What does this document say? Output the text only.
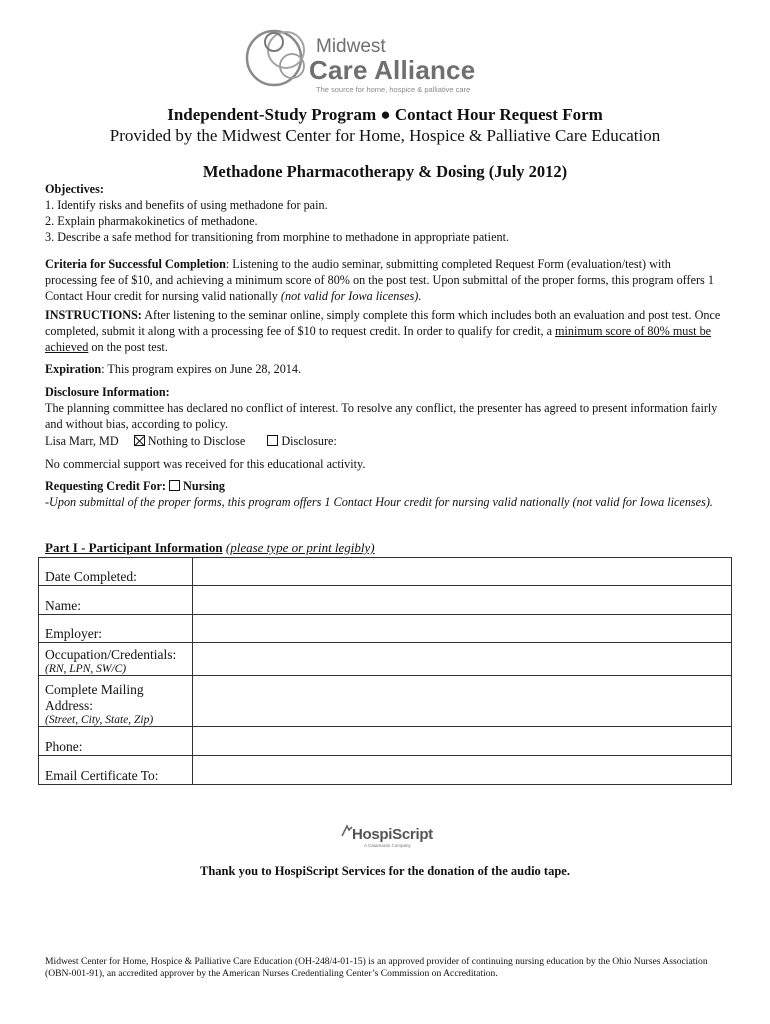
Midwest
Care Alliance
The source for home, hospice & palliative care
Independent-Study Program ● Contact Hour Request Form
Provided by the Midwest Center for Home, Hospice & Palliative Care Education
Methadone Pharmacotherapy & Dosing (July 2012)
Objectives:
1. Identify risks and benefits of using methadone for pain.
2. Explain pharmakokinetics of methadone.
3. Describe a safe method for transitioning from morphine to methadone in appropriate patient.
Criteria for Successful Completion: Listening to the audio seminar, submitting completed Request Form (evaluation/test) with processing fee of $10, and achieving a minimum score of 80% on the post test. Upon submittal of the proper forms, this program offers 1 Contact Hour credit for nursing valid nationally (not valid for Iowa licenses).
INSTRUCTIONS: After listening to the seminar online, simply complete this form which includes both an evaluation and post test. Once completed, submit it along with a processing fee of $10 to request credit. In order to qualify for credit, a minimum score of 80% must be achieved on the post test.
Expiration: This program expires on June 28, 2014.
Disclosure Information:
The planning committee has declared no conflict of interest. To resolve any conflict, the presenter has agreed to present information fairly and without bias, according to policy.
Lisa Marr, MD Nothing to Disclose	Disclosure:
No commercial support was received for this educational activity.
Requesting Credit For: Nursing
-Upon submittal of the proper forms, this program offers 1 Contact Hour credit for nursing valid nationally (not valid for Iowa licenses).
Part I - Participant Information (please type or print legibly)
Date Completed:	
Name:	
Employer:	
Occupation/Credentials:
(RN, LPN, SW/C)	

Complete Mailing Address:
(Street, City, State, Zip)	

Phone:	
Email Certificate To:	
HospiScript
A Catamaran Company
Thank you to HospiScript Services for the donation of the audio tape.
Midwest Center for Home, Hospice & Palliative Care Education (OH-248/4-01-15) is an approved provider of continuing nursing education by the Ohio Nurses Association (OBN-001-91), an accredited approver by the American Nurses Credentialing Center’s Commission on Accreditation.
